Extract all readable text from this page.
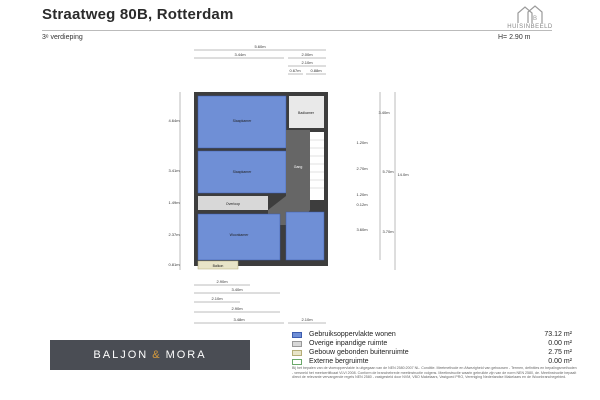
Straatweg 80B, Rotterdam
3ᵉ verdieping
B
HUISINBEELD
H= 2.90 m
5.60m
3.44m	2.00m
2.10m
0.67m 0.88m
4.64m
3.41m
1.49m
2.37m
0.81m
3.40m
1.20m
2.70m
1.20m
0.12m
3.60m
5.70m
14.0m
3.70m
2.90m
3.40m
2.10m
2.90m
3.48m	2.10m
Slaapkamer
Badkamer
Slaapkamer
Overloop
Gang
Woonkamer
Balkon
BALJON & MORA
Gebruiksoppervlakte wonen	73.12 m²
Overige inpandige ruimte	0.00 m²
Gebouw gebonden buitenruimte	2.75 m²
Externe bergruimte	0.00 m²
Bij het bepalen van de vloeroppervlakte is uitgegaan van de NEN 2580:2007 NL. Conditie. Meetmethode en Afwezigheid van gebouwen - Termen, definities en bepalingsmethoden - versneld het meetcertificaat VLVI 2008. Conform de branchebrede meetinstructie volgens. Meetinstructie waarin gebruikte zijn van de norm NEN 2580, de. Meetinstructie bepaalt direct de relevante vervangende regels NEN 2580 - vastgesteld door NVM, VBO Makelaars, Vastgoed PRO, Vereniging Nederlandse Makelaars en de Woonbranchegebied.
